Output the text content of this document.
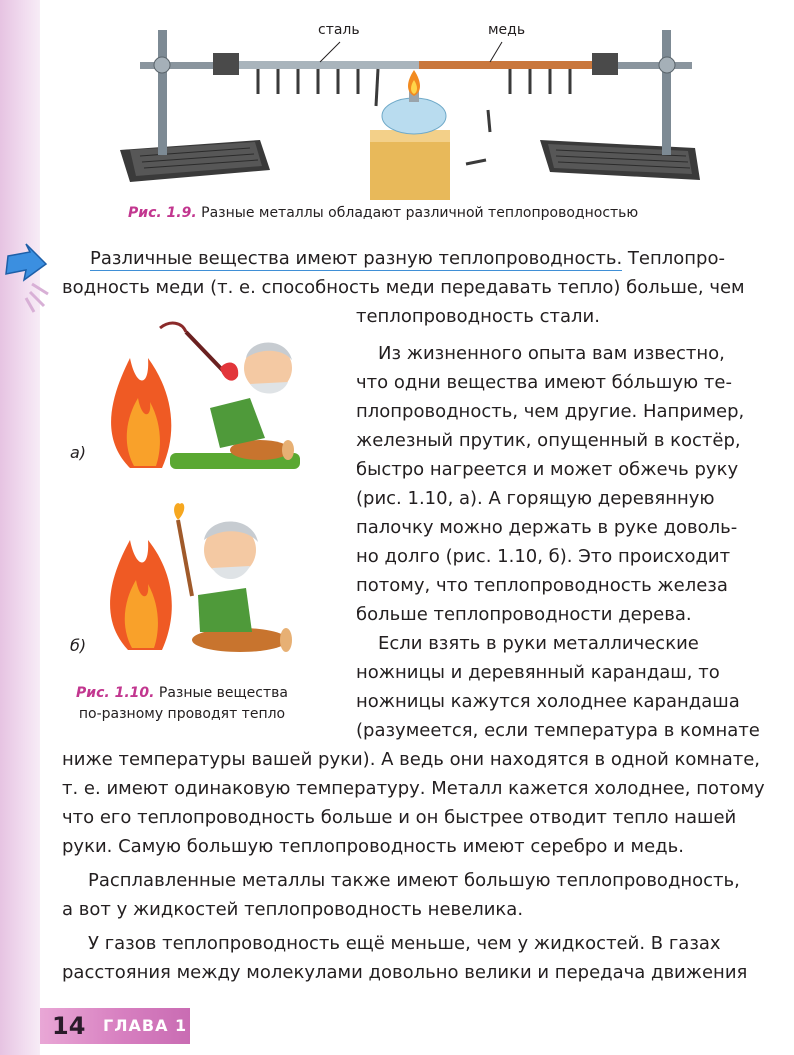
сталь	медь
Рис. 1.9. Разные металлы обладают различной теплопроводностью
Различные вещества имеют разную теплопроводность. Теплопро-
водность меди (т. е. способность меди передавать тепло) больше, чем
теплопроводность стали.
Из жизненного опыта вам известно,
что одни вещества имеют бóльшую те-
плопроводность, чем другие. Например,
железный прутик, опущенный в костёр,
быстро нагреется и может обжечь руку
(рис. 1.10, а). А горящую деревянную
палочку можно держать в руке доволь-
но долго (рис. 1.10, б). Это происходит
потому, что теплопроводность железа
больше теплопроводности дерева.
Если взять в руки металлические
ножницы и деревянный карандаш, то
ножницы кажутся холоднее карандаша
(разумеется, если температура в комнате
ниже температуры вашей руки). А ведь они находятся в одной комнате,
т. е. имеют одинаковую температуру. Металл кажется холоднее, потому
что его теплопроводность больше и он быстрее отводит тепло нашей
руки. Самую большую теплопроводность имеют серебро и медь.
Расплавленные металлы также имеют большую теплопроводность,
а вот у жидкостей теплопроводность невелика.
У газов теплопроводность ещё меньше, чем у жидкостей. В газах
расстояния между молекулами довольно велики и передача движения
а)
б)
Рис. 1.10. Разные вещества
по-разному проводят тепло
14 ГЛАВА 1
